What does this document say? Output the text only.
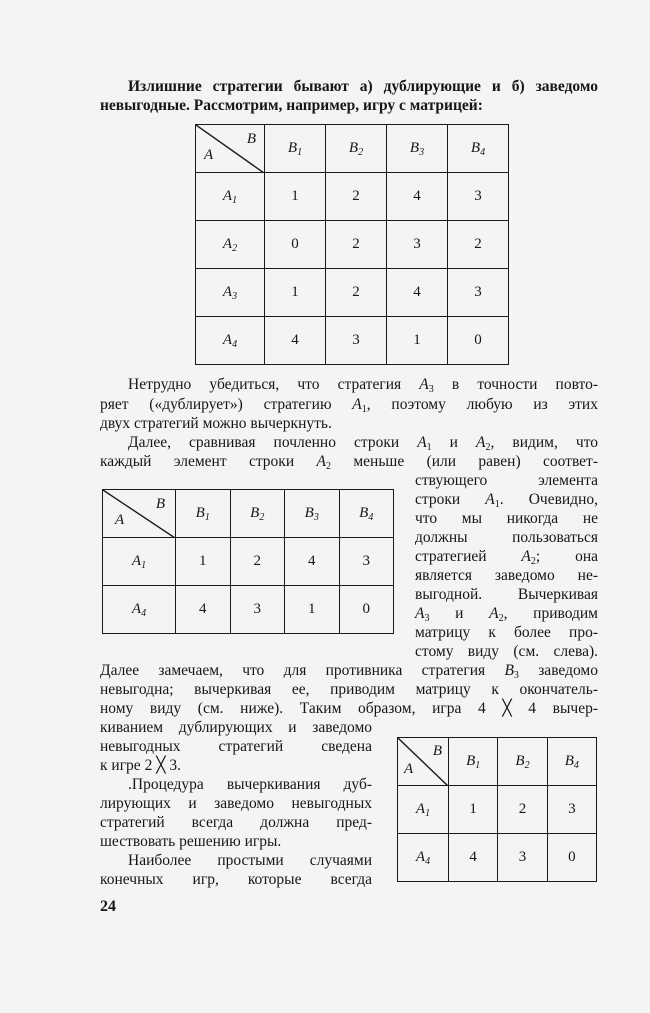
Излишние стратегии бывают а) дублирующие и б) заведомо
невыгодные. Рассмотрим, например, игру с матрицей:
B
A	$B_1$	$B_2$	$B_3$	$B_4$
$A_1$	1	2	4	3
$A_2$	0	2	3	2
$A_3$	1	2	4	3
$A_4$	4	3	1	0
Нетрудно убедиться, что стратегия $A_3$ в точности повто-
ряет («дублирует») стратегию $A_1$, поэтому любую из этих
двух стратегий можно вычеркнуть.
Далее, сравнивая почленно строки $A_1$ и $A_2$, видим, что
каждый элемент строки $A_2$ меньше (или равен) соответ-
ствующего элемента
строки $A_1$. Очевидно,
что мы никогда не
должны пользоваться
стратегией $A_2$; она
является заведомо не-
выгодной. Вычеркивая
$A_3$ и $A_2$, приводим
матрицу к более про-
стому виду (см. слева).
B
A	$B_1$	$B_2$	$B_3$	$B_4$
$A_1$	1	2	4	3
$A_4$	4	3	1	0
Далее замечаем, что для противника стратегия $B_3$ заведомо
невыгодна; вычеркивая ее, приводим матрицу к окончатель-
ному виду (см. ниже). Таким образом, игра 4 ╳ 4 вычер-
киванием дублирующих и заведомо
невыгодных стратегий сведена
к игре 2 ╳ 3.
.Процедура вычеркивания дуб-
лирующих и заведомо невыгодных
стратегий всегда должна пред-
шествовать решению игры.
Наиболее простыми случаями
конечных игр, которые всегда
B
A	$B_1$	$B_2$	$B_4$
$A_1$	1	2	3
$A_4$	4	3	0
24
